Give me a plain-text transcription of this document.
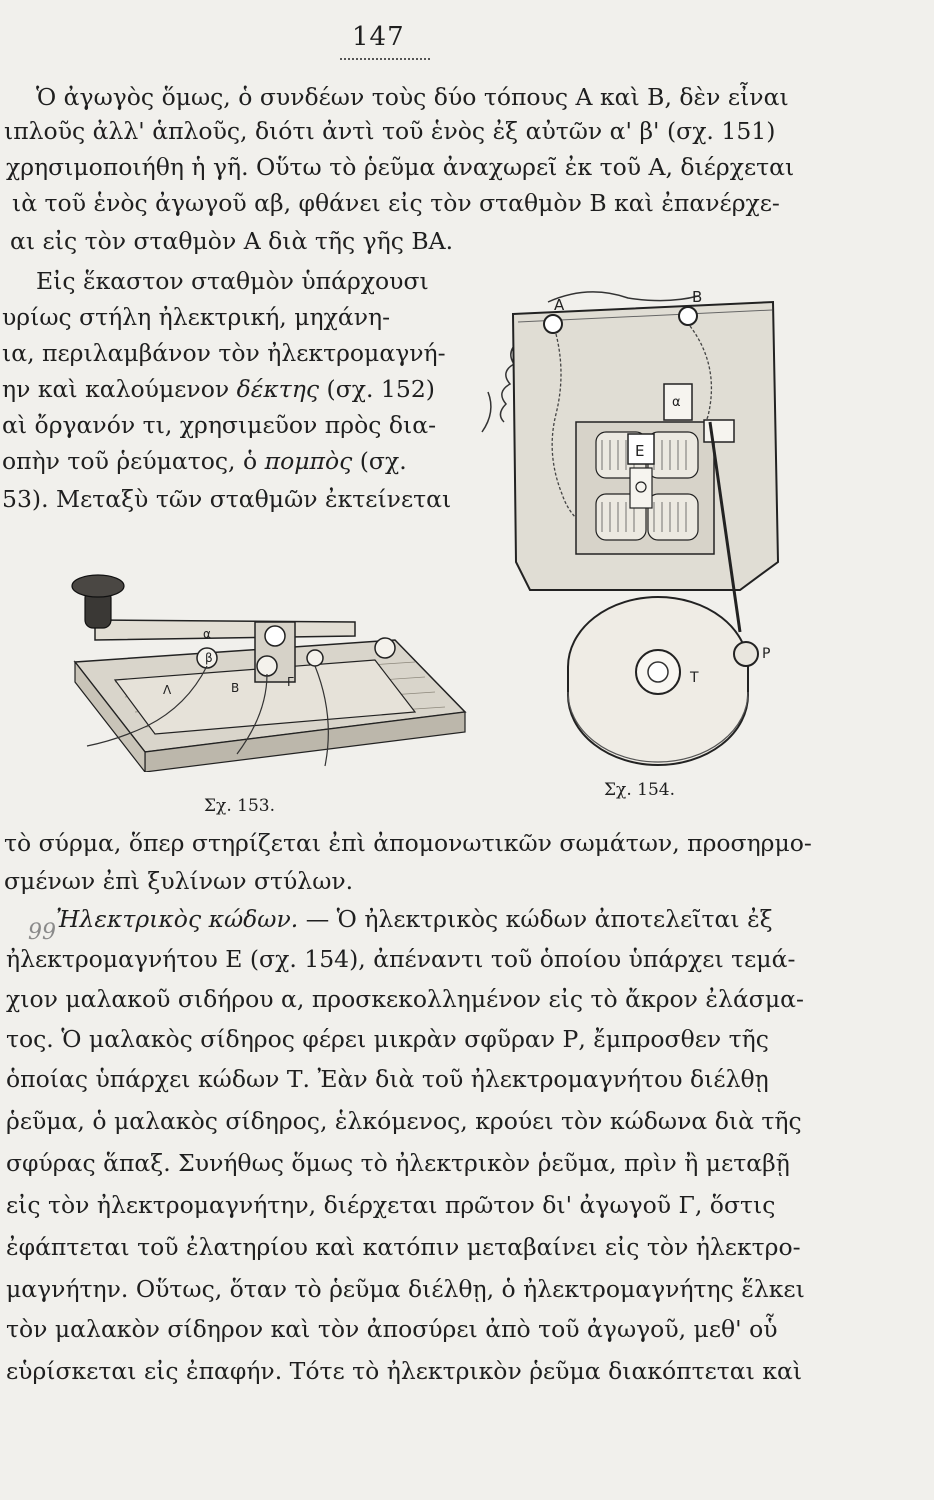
147
Ὁ ἀγωγὸς ὅμως, ὁ συνδέων τοὺς δύο τόπους Α καὶ Β, δὲν εἶναι
ιπλοῦς ἀλλ' ἁπλοῦς, διότι ἀντὶ τοῦ ἑνὸς ἐξ αὐτῶν α' β' (σχ. 151)
χρησιμοποιήθη ἡ γῆ. Οὕτω τὸ ῥεῦμα ἀναχωρεῖ ἐκ τοῦ Α, διέρχεται
ιὰ τοῦ ἑνὸς ἀγωγοῦ αβ, φθάνει εἰς τὸν σταθμὸν Β καὶ ἐπανέρχε-
αι εἰς τὸν σταθμὸν Α διὰ τῆς γῆς ΒΑ.
Εἰς ἕκαστον σταθμὸν ὑπάρχουσι
υρίως στήλη ἠλεκτρική, μηχάνη-
ια, περιλαμβάνον τὸν ἠλεκτρομαγνή-
ην καὶ καλούμενον δέκτης (σχ. 152)
αὶ ὄργανόν τι, χρησιμεῦον πρὸς δια-
οπὴν τοῦ ῥεύματος, ὁ πομπὸς (σχ.
53). Μεταξὺ τῶν σταθμῶν ἐκτείνεται
Α	Β
Ε
α
Τ
Ρ
α
β
Β	Γ
Λ
Σχ. 153.
Σχ. 154.
τὸ σύρμα, ὅπερ στηρίζεται ἐπὶ ἀπομονωτικῶν σωμάτων, προσηρμο-
σμένων ἐπὶ ξυλίνων στύλων.
99 Ἠλεκτρικὸς κώδων. — Ὁ ἠλεκτρικὸς κώδων ἀποτελεῖται ἐξ
ἠλεκτρομαγνήτου Ε (σχ. 154), ἀπέναντι τοῦ ὁποίου ὑπάρχει τεμά-
χιον μαλακοῦ σιδήρου α, προσκεκολλημένον εἰς τὸ ἄκρον ἐλάσμα-
τος. Ὁ μαλακὸς σίδηρος φέρει μικρὰν σφῦραν Ρ, ἔμπροσθεν τῆς
ὁποίας ὑπάρχει κώδων Τ. Ἐὰν διὰ τοῦ ἠλεκτρομαγνήτου διέλθῃ
ῥεῦμα, ὁ μαλακὸς σίδηρος, ἑλκόμενος, κρούει τὸν κώδωνα διὰ τῆς
σφύρας ἅπαξ. Συνήθως ὅμως τὸ ἠλεκτρικὸν ῥεῦμα, πρὶν ἢ μεταβῇ
εἰς τὸν ἠλεκτρομαγνήτην, διέρχεται πρῶτον δι' ἀγωγοῦ Γ, ὅστις
ἐφάπτεται τοῦ ἐλατηρίου καὶ κατόπιν μεταβαίνει εἰς τὸν ἠλεκτρο-
μαγνήτην. Οὕτως, ὅταν τὸ ῥεῦμα διέλθῃ, ὁ ἠλεκτρομαγνήτης ἕλκει
τὸν μαλακὸν σίδηρον καὶ τὸν ἀποσύρει ἀπὸ τοῦ ἀγωγοῦ, μεθ' οὗ
εὑρίσκεται εἰς ἐπαφήν. Τότε τὸ ἠλεκτρικὸν ῥεῦμα διακόπτεται καὶ
